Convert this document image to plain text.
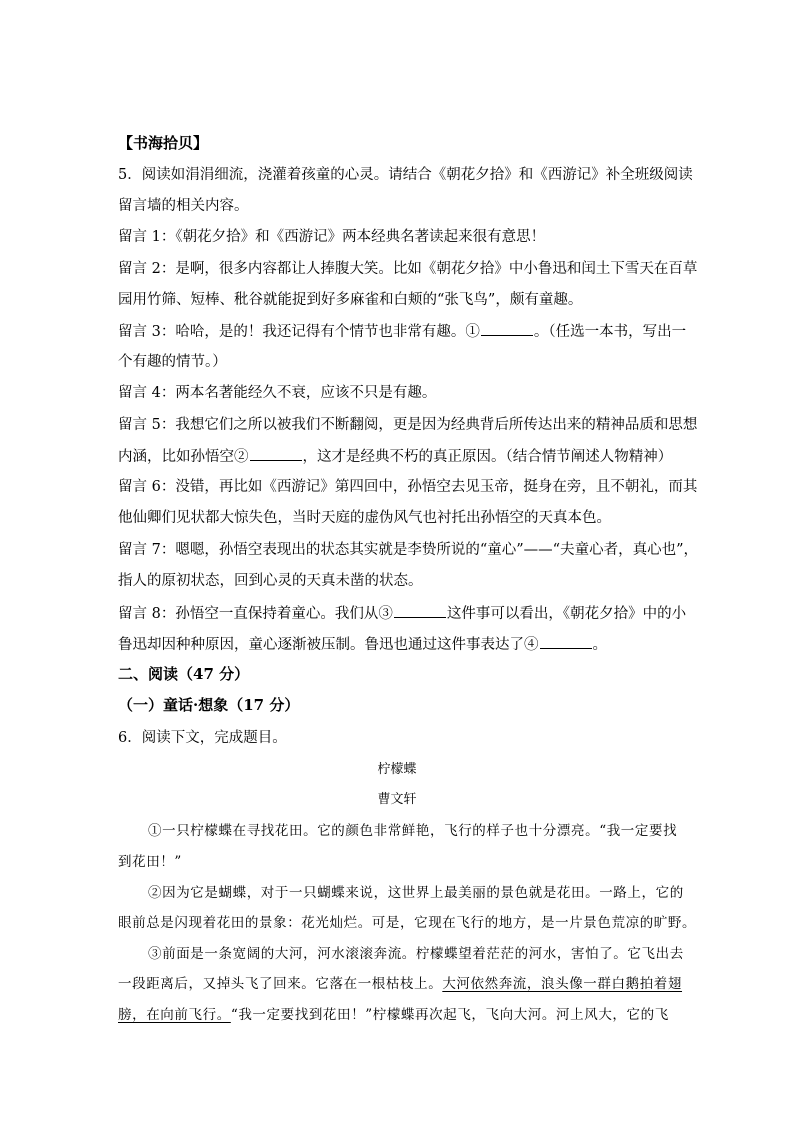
【书海拾贝】
5．阅读如涓涓细流，浇灌着孩童的心灵。请结合《朝花夕拾》和《西游记》补全班级阅读
留言墙的相关内容。
留言 1：《朝花夕拾》和《西游记》两本经典名著读起来很有意思！
留言 2：是啊，很多内容都让人捧腹大笑。比如《朝花夕拾》中小鲁迅和闰土下雪天在百草
园用竹筛、短棒、秕谷就能捉到好多麻雀和白颊的“张飞鸟”，颇有童趣。
留言 3：哈哈，是的！我还记得有个情节也非常有趣。①	。（任选一本书，写出一
个有趣的情节。）
留言 4：两本名著能经久不衰，应该不只是有趣。
留言 5：我想它们之所以被我们不断翻阅，更是因为经典背后所传达出来的精神品质和思想
内涵，比如孙悟空②	，这才是经典不朽的真正原因。（结合情节阐述人物精神）
留言 6：没错，再比如《西游记》第四回中，孙悟空去见玉帝，挺身在旁，且不朝礼，而其
他仙卿们见状都大惊失色，当时天庭的虚伪风气也衬托出孙悟空的天真本色。
留言 7：嗯嗯，孙悟空表现出的状态其实就是李贽所说的“童心”——“夫童心者，真心也”，
指人的原初状态，回到心灵的天真未凿的状态。
留言 8：孙悟空一直保持着童心。我们从③	这件事可以看出，《朝花夕拾》中的小
鲁迅却因种种原因，童心逐渐被压制。鲁迅也通过这件事表达了④	。
二、阅读（47 分）
（一）童话·想象（17 分）
6．阅读下文，完成题目。
柠檬蝶
曹文轩
①一只柠檬蝶在寻找花田。它的颜色非常鲜艳，飞行的样子也十分漂亮。“我一定要找
到花田！”
②因为它是蝴蝶，对于一只蝴蝶来说，这世界上最美丽的景色就是花田。一路上，它的
眼前总是闪现着花田的景象：花光灿烂。可是，它现在飞行的地方，是一片景色荒凉的旷野。
③前面是一条宽阔的大河，河水滚滚奔流。柠檬蝶望着茫茫的河水，害怕了。它飞出去
一段距离后，又掉头飞了回来。它落在一根枯枝上。大河依然奔流，浪头像一群白鹅拍着翅
膀，在向前飞行。“我一定要找到花田！”柠檬蝶再次起飞，飞向大河。河上风大，它的飞
